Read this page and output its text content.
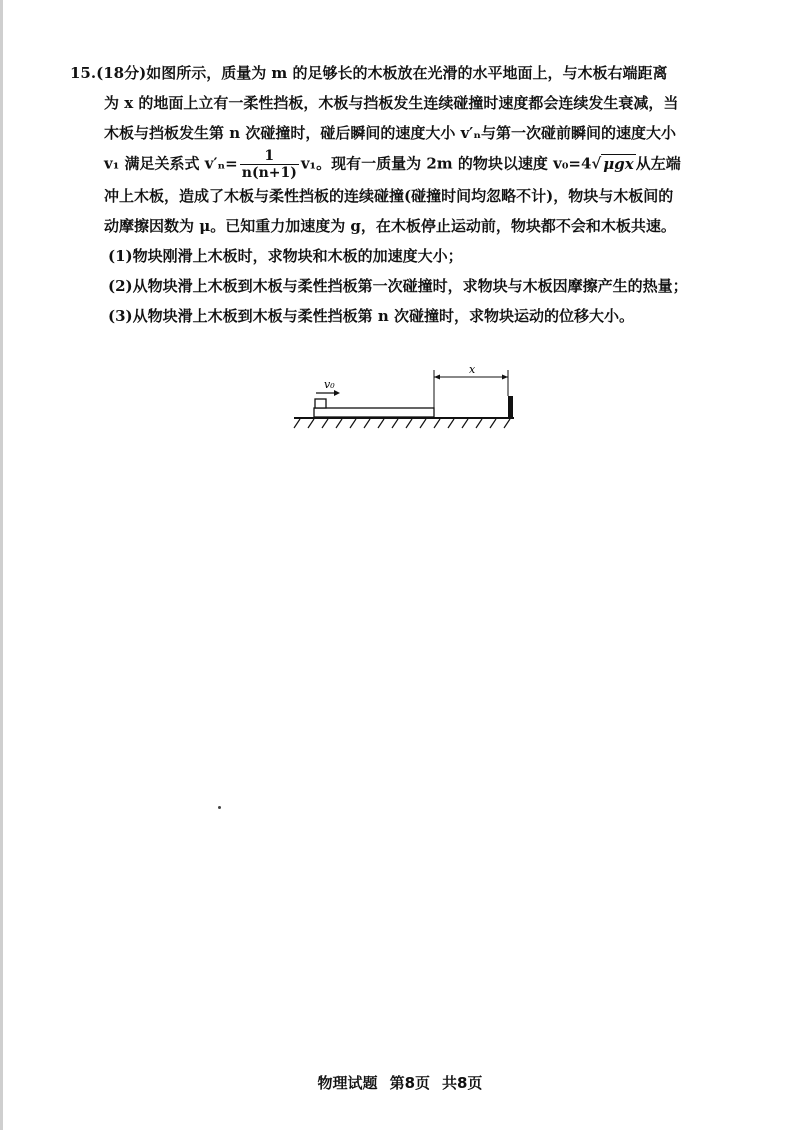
15.(18分)如图所示，质量为 m 的足够长的木板放在光滑的水平地面上，与木板右端距离
为 x 的地面上立有一柔性挡板，木板与挡板发生连续碰撞时速度都会连续发生衰减，当
木板与挡板发生第 n 次碰撞时，碰后瞬间的速度大小 v′ₙ与第一次碰前瞬间的速度大小
v₁ 满足关系式 $v'_n= \frac{1}{n(n+1)} v_1$。现有一质量为 2m 的物块以速度 v₀=4√ μgx 从左端
冲上木板，造成了木板与柔性挡板的连续碰撞(碰撞时间均忽略不计)，物块与木板间的
动摩擦因数为 μ。已知重力加速度为 g，在木板停止运动前，物块都不会和木板共速。
(1)物块刚滑上木板时，求物块和木板的加速度大小；
(2)从物块滑上木板到木板与柔性挡板第一次碰撞时，求物块与木板因摩擦产生的热量；
(3)从物块滑上木板到木板与柔性挡板第 n 次碰撞时，求物块运动的位移大小。
v₀
x
物理试题 第8页 共8页
